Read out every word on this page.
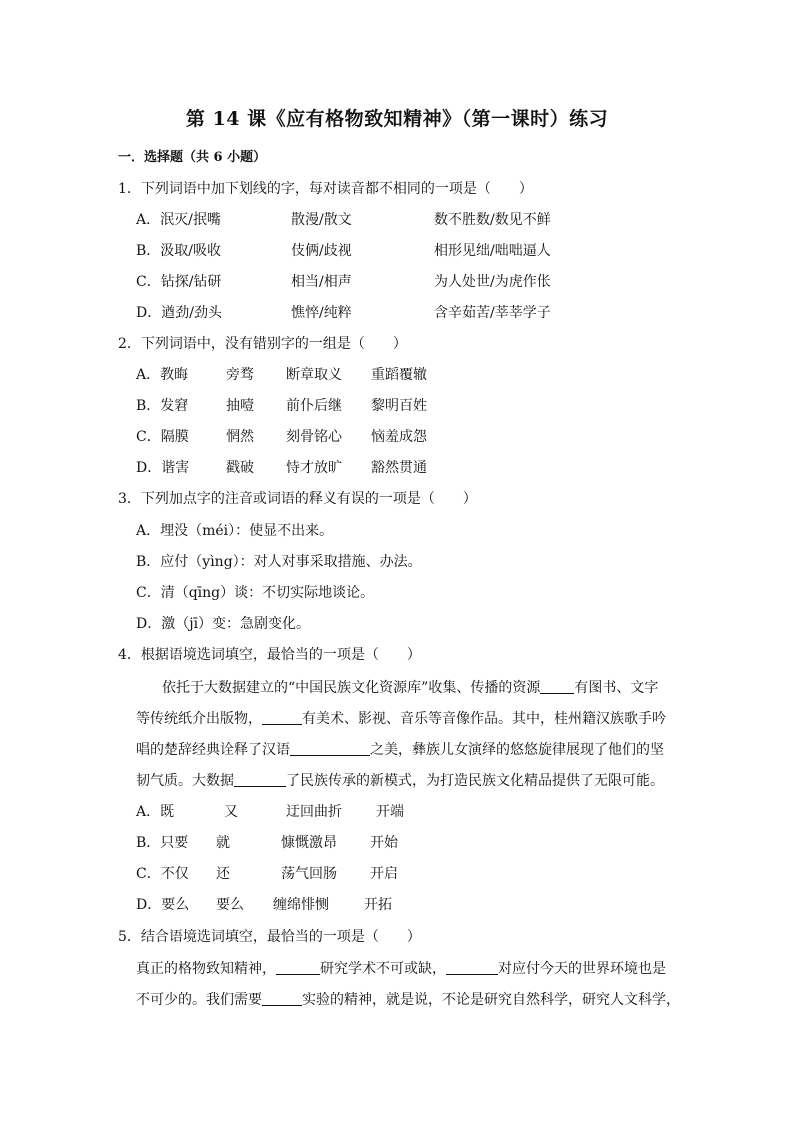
第 14 课《应有格物致知精神》（第一课时）练习
一．选择题（共 6 小题）
1．下列词语中加下划线的字，每对读音都不相同的一项是（　　）
A．泯灭/抿嘴	散漫/散文	数不胜数/数见不鲜
B．汲取/吸收	伎俩/歧视	相形见绌/咄咄逼人
C．钻探/钻研	相当/相声	为人处世/为虎作伥
D．遒劲/劲头	憔悴/纯粹	含辛茹苦/莘莘学子
2．下列词语中，没有错别字的一组是（　　）
A．教晦	旁骛 断章取义 重蹈覆辙
B．发窘	抽噎 前仆后继 黎明百姓
C．隔膜	惘然 刻骨铭心 恼羞成怨
D．谐害	戳破 恃才放旷 豁然贯通
3．下列加点字的注音或词语的释义有误的一项是（　　）
A．埋没（méi）：使显不出来。
B．应付（yìng）：对人对事采取措施、办法。
C．清（qīng）谈：不切实际地谈论。
D．激（jī）变：急剧变化。
4．根据语境选词填空，最恰当的一项是（　　）
依托于大数据建立的“中国民族文化资源库”收集、传播的资源 有图书、文字
等传统纸介出版物，	有美术、影视、音乐等音像作品。其中，桂州籍汉族歌手吟
唱的楚辞经典诠释了汉语	之美，彝族儿女演绎的悠悠旋律展现了他们的坚
韧气质。大数据	了民族传承的新模式，为打造民族文化精品提供了无限可能。
A．既	又	迂回曲折 开端
B．只要 就	慷慨激昂 开始
C．不仅 还	荡气回肠 开启
D．要么 要么 缠绵悱恻	开拓
5．结合语境选词填空，最恰当的一项是（　　）
真正的格物致知精神，	研究学术不可或缺，	对应付今天的世界环境也是
不可少的。我们需要	实验的精神，就是说，不论是研究自然科学，研究人文科学，
